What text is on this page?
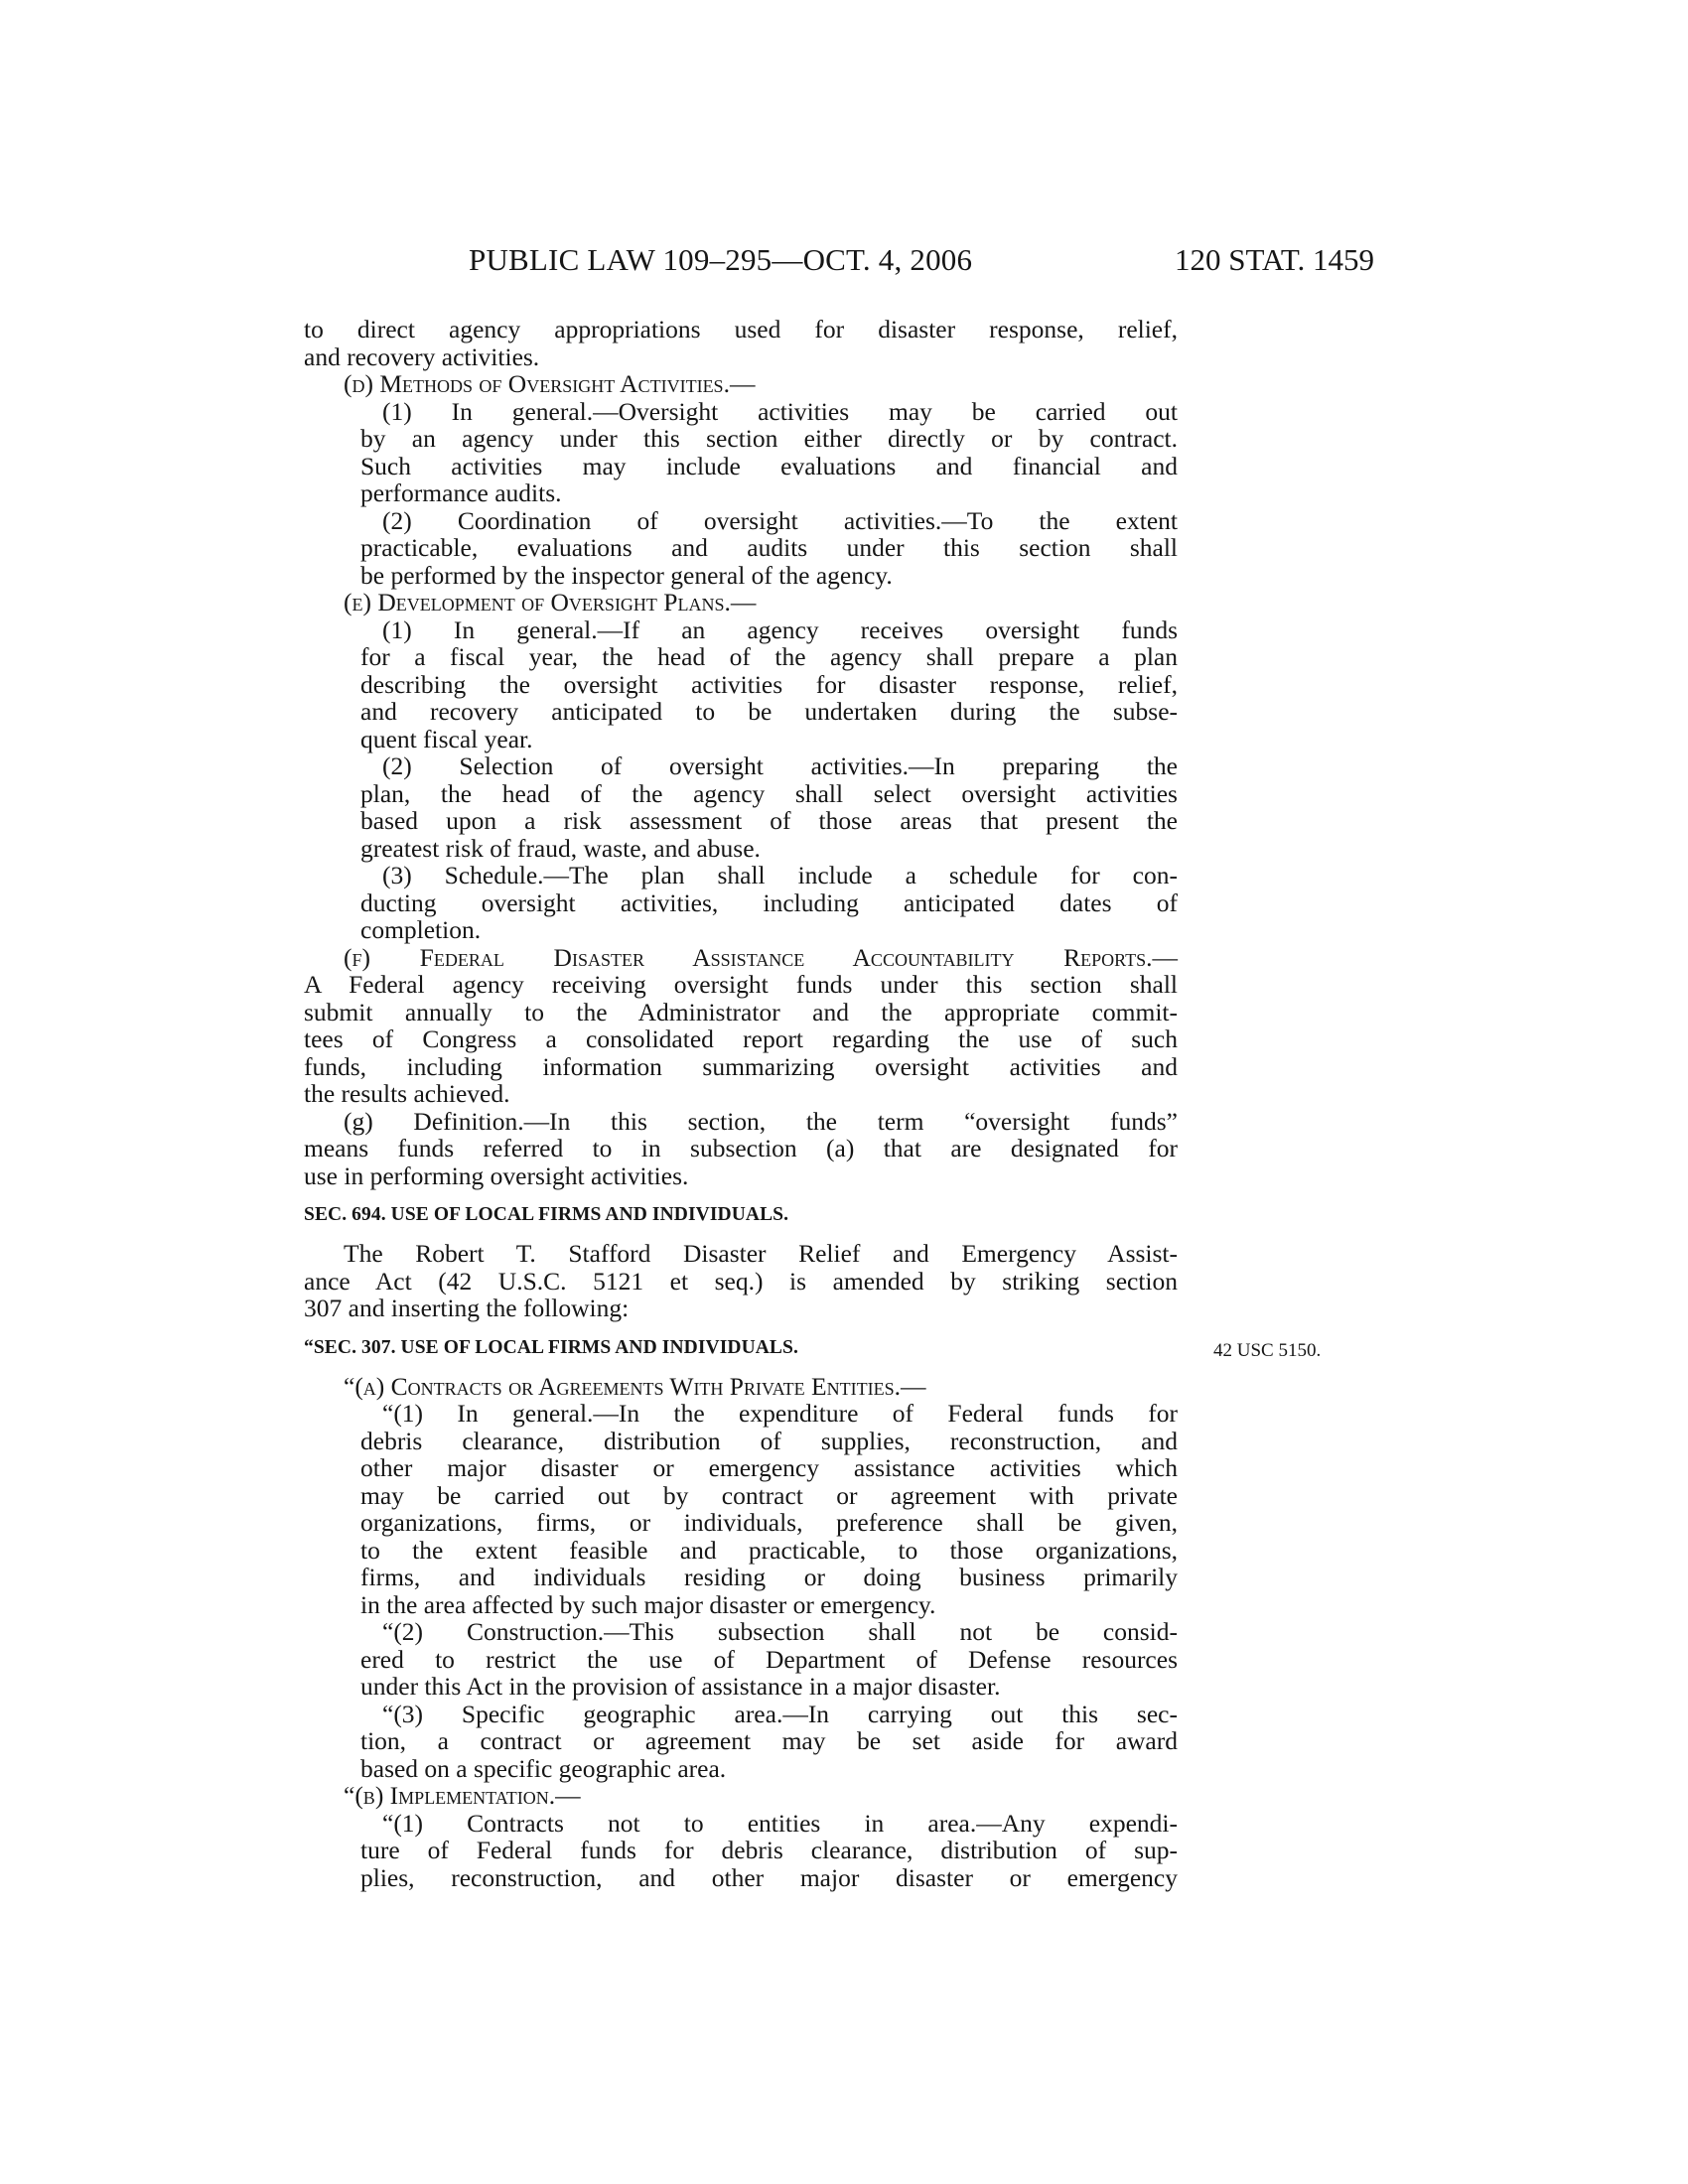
PUBLIC LAW 109–295—OCT. 4, 2006	120 STAT. 1459
42 USC 5150.

to direct agency appropriations used for disaster response, relief,

and recovery activities.

(d) Methods of Oversight Activities.—

(1) In general.—Oversight activities may be carried out

by an agency under this section either directly or by contract.

Such activities may include evaluations and financial and

performance audits.

(2) Coordination of oversight activities.—To the extent

practicable, evaluations and audits under this section shall

be performed by the inspector general of the agency.

(e) Development of Oversight Plans.—

(1) In general.—If an agency receives oversight funds

for a fiscal year, the head of the agency shall prepare a plan

describing the oversight activities for disaster response, relief,

and recovery anticipated to be undertaken during the subse-

quent fiscal year.

(2) Selection of oversight activities.—In preparing the

plan, the head of the agency shall select oversight activities

based upon a risk assessment of those areas that present the

greatest risk of fraud, waste, and abuse.

(3) Schedule.—The plan shall include a schedule for con-

ducting oversight activities, including anticipated dates of

completion.

(f) Federal Disaster Assistance Accountability Reports.—

A Federal agency receiving oversight funds under this section shall

submit annually to the Administrator and the appropriate commit-

tees of Congress a consolidated report regarding the use of such

funds, including information summarizing oversight activities and

the results achieved.

(g) Definition.—In this section, the term “oversight funds”

means funds referred to in subsection (a) that are designated for

use in performing oversight activities.

SEC. 694. USE OF LOCAL FIRMS AND INDIVIDUALS.

The Robert T. Stafford Disaster Relief and Emergency Assist-

ance Act (42 U.S.C. 5121 et seq.) is amended by striking section

307 and inserting the following:

“SEC. 307. USE OF LOCAL FIRMS AND INDIVIDUALS.

“(a) Contracts or Agreements With Private Entities.—

“(1) In general.—In the expenditure of Federal funds for

debris clearance, distribution of supplies, reconstruction, and

other major disaster or emergency assistance activities which

may be carried out by contract or agreement with private

organizations, firms, or individuals, preference shall be given,

to the extent feasible and practicable, to those organizations,

firms, and individuals residing or doing business primarily

in the area affected by such major disaster or emergency.

“(2) Construction.—This subsection shall not be consid-

ered to restrict the use of Department of Defense resources

under this Act in the provision of assistance in a major disaster.

“(3) Specific geographic area.—In carrying out this sec-

tion, a contract or agreement may be set aside for award

based on a specific geographic area.

“(b) Implementation.—

“(1) Contracts not to entities in area.—Any expendi-

ture of Federal funds for debris clearance, distribution of sup-

plies, reconstruction, and other major disaster or emergency
